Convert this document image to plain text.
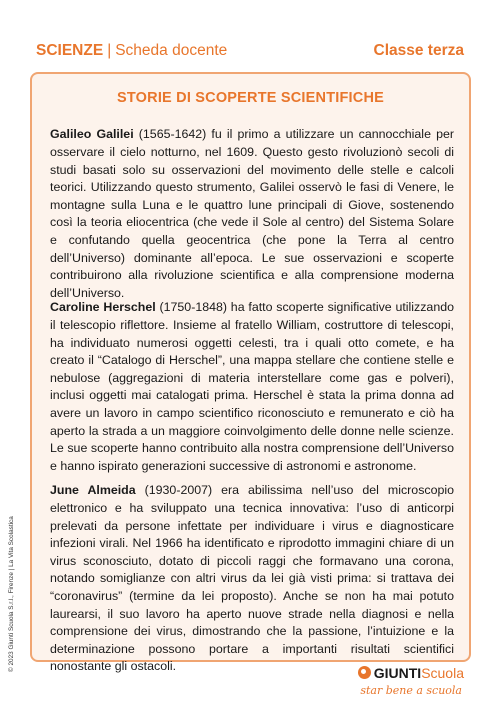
SCIENZE | Scheda docente	Classe terza
STORIE DI SCOPERTE SCIENTIFICHE

Galileo Galilei (1565-1642) fu il primo a utilizzare un cannocchiale per osservare il cielo notturno, nel 1609. Questo gesto rivoluzionò secoli di studi basati solo su osservazioni del movimento delle stelle e calcoli teorici. Utilizzando questo strumento, Galilei osservò le fasi di Venere, le montagne sulla Luna e le quattro lune principali di Giove, sostenendo così la teoria eliocentrica (che vede il Sole al centro) del Sistema Solare e confutando quella geocentrica (che pone la Terra al centro dell’Universo) dominante all’epoca. Le sue osservazioni e scoperte contribuirono alla rivoluzione scientifica e alla comprensione moderna dell’Universo.

Caroline Herschel (1750-1848) ha fatto scoperte significative utilizzando il telescopio riflettore. Insieme al fratello William, costruttore di telescopi, ha individuato numerosi oggetti celesti, tra i quali otto comete, e ha creato il “Catalogo di Herschel”, una mappa stellare che contiene stelle e nebulose (aggregazioni di materia interstellare come gas e polveri), inclusi oggetti mai catalogati prima. Herschel è stata la prima donna ad avere un lavoro in campo scientifico riconosciuto e remunerato e ciò ha aperto la strada a un maggiore coinvolgimento delle donne nelle scienze. Le sue scoperte hanno contribuito alla nostra comprensione dell’Universo e hanno ispirato generazioni successive di astronomi e astronome.

June Almeida (1930-2007) era abilissima nell’uso del microscopio elettronico e ha sviluppato una tecnica innovativa: l’uso di anticorpi prelevati da persone infettate per individuare i virus e diagnosticare infezioni virali. Nel 1966 ha identificato e riprodotto immagini chiare di un virus sconosciuto, dotato di piccoli raggi che formavano una corona, notando somiglianze con altri virus da lei già visti prima: si trattava dei “coronavirus” (termine da lei proposto). Anche se non ha mai potuto laurearsi, il suo lavoro ha aperto nuove strade nella diagnosi e nella comprensione dei virus, dimostrando che la passione, l’intuizione e la determinazione possono portare a importanti risultati scientifici nonostante gli ostacoli.

© 2023 Giunti Scuola S.r.l., Firenze | La Vita Scolastica
GIUNTIScuola
star bene a scuola
